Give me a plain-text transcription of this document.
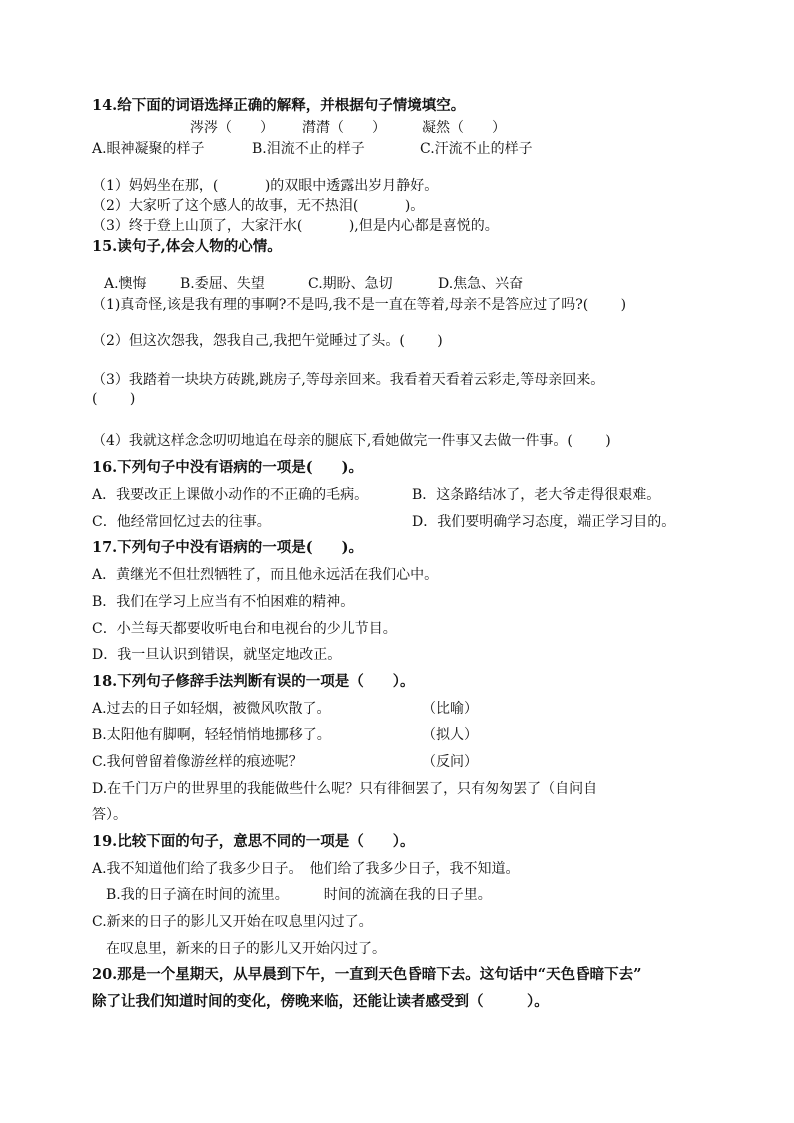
14.给下面的词语选择正确的解释，并根据句子情境填空。
涔涔（　　） 潸潸（　　）	凝然（　　）
A.眼神凝聚的样子	B.泪流不止的样子	C.汗流不止的样子
（1）妈妈坐在那，(　　　 )的双眼中透露出岁月静好。
（2）大家听了这个感人的故事，无不热泪(　　　 )。
（3）终于登上山顶了，大家汗水(　　　 ),但是内心都是喜悦的。
15.读句子,体会人物的心情。
A.懊悔 B.委屈、失望	C.期盼、急切	D.焦急、兴奋
（1)真奇怪,该是我有理的事啊?不是吗,我不是一直在等着,母亲不是答应过了吗?(　　 )
（2）但这次怨我，怨我自己,我把午觉睡过了头。(　　 )
（3）我踏着一块块方砖跳,跳房子,等母亲回来。我看着天看着云彩走,等母亲回来。
(　　 )
（4）我就这样念念叨叨地追在母亲的腿底下,看她做完一件事又去做一件事。(　　 )
16.下列句子中没有语病的一项是(　　)。
A．我要改正上课做小动作的不正确的毛病。	B．这条路结冰了，老大爷走得很艰难。
C．他经常回忆过去的往事。	D．我们要明确学习态度，端正学习目的。
17.下列句子中没有语病的一项是(　　)。
A．黄继光不但壮烈牺牲了，而且他永远活在我们心中。
B．我们在学习上应当有不怕困难的精神。
C．小兰每天都要收听电台和电视台的少儿节目。
D．我一旦认识到错误，就坚定地改正。
18.下列句子修辞手法判断有误的一项是（　　）。
A.过去的日子如轻烟，被微风吹散了。	（比喻）
B.太阳他有脚啊，轻轻悄悄地挪移了。	（拟人）
C.我何曾留着像游丝样的痕迹呢？	（反问）
D.在千门万户的世界里的我能做些什么呢？只有徘徊罢了，只有匆匆罢了（自问自
答）。
19.比较下面的句子，意思不同的一项是（　　）。
A.我不知道他们给了我多少日子。　他们给了我多少日子，我不知道。
B.我的日子滴在时间的流里。　　　时间的流滴在我的日子里。
C.新来的日子的影儿又开始在叹息里闪过了。
在叹息里，新来的日子的影儿又开始闪过了。
20.那是一个星期天，从早晨到下午，一直到天色昏暗下去。这句话中“天色昏暗下去”
除了让我们知道时间的变化，傍晚来临，还能让读者感受到（　　　）。
